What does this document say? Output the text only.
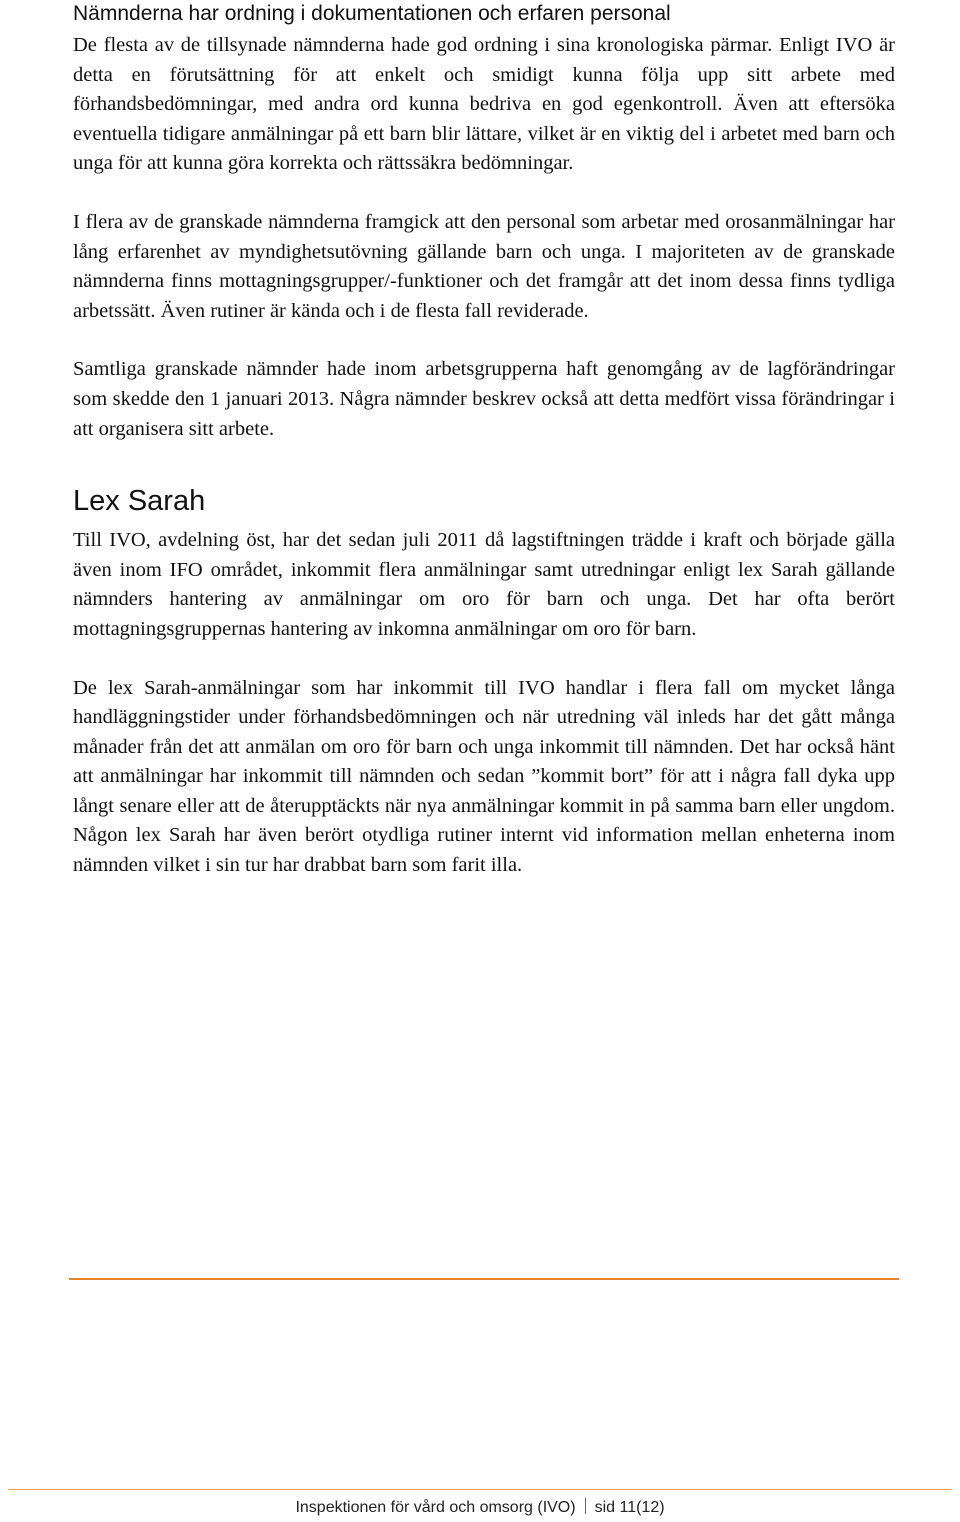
Nämnderna har ordning i dokumentationen och erfaren personal

De flesta av de tillsynade nämnderna hade god ordning i sina kronologiska pärmar. Enligt IVO är detta en förutsättning för att enkelt och smidigt kunna följa upp sitt arbete med förhandsbedömningar, med andra ord kunna bedriva en god egenkontroll. Även att eftersöka eventuella tidigare anmälningar på ett barn blir lättare, vilket är en viktig del i arbetet med barn och unga för att kunna göra korrekta och rättssäkra bedömningar.

I flera av de granskade nämnderna framgick att den personal som arbetar med orosanmälningar har lång erfarenhet av myndighetsutövning gällande barn och unga. I majoriteten av de granskade nämnderna finns mottagningsgrupper/-funktioner och det framgår att det inom dessa finns tydliga arbetssätt. Även rutiner är kända och i de flesta fall reviderade.

Samtliga granskade nämnder hade inom arbetsgrupperna haft genomgång av de lagförändringar som skedde den 1 januari 2013. Några nämnder beskrev också att detta medfört vissa förändringar i att organisera sitt arbete.

Lex Sarah

Till IVO, avdelning öst, har det sedan juli 2011 då lagstiftningen trädde i kraft och började gälla även inom IFO området, inkommit flera anmälningar samt utredningar enligt lex Sarah gällande nämnders hantering av anmälningar om oro för barn och unga. Det har ofta berört mottagningsgruppernas hantering av inkomna anmälningar om oro för barn.

De lex Sarah-anmälningar som har inkommit till IVO handlar i flera fall om mycket långa handläggningstider under förhandsbedömningen och när utredning väl inleds har det gått många månader från det att anmälan om oro för barn och unga inkommit till nämnden. Det har också hänt att anmälningar har inkommit till nämnden och sedan ”kommit bort” för att i några fall dyka upp långt senare eller att de återupptäckts när nya anmälningar kommit in på samma barn eller ungdom. Någon lex Sarah har även berört otydliga rutiner internt vid information mellan enheterna inom nämnden vilket i sin tur har drabbat barn som farit illa.

Inspektionen för vård och omsorg (IVO) sid 11(12)
